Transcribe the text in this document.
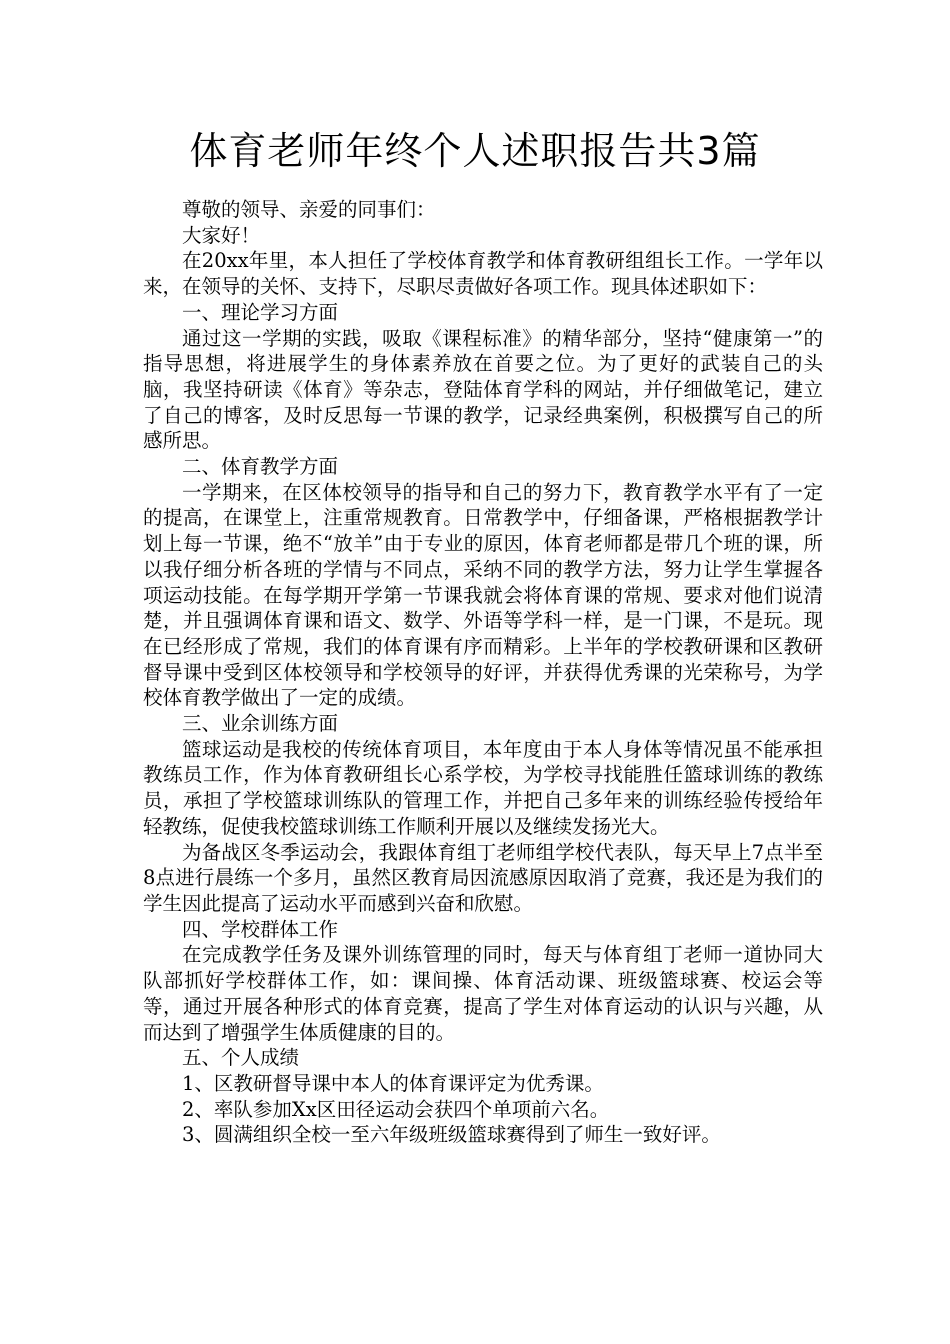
体育老师年终个人述职报告共3篇

尊敬的领导、亲爱的同事们：

大家好！

在20xx年里，本人担任了学校体育教学和体育教研组组长工作。一学年以来，在领导的关怀、支持下，尽职尽责做好各项工作。现具体述职如下：

一、理论学习方面

通过这一学期的实践，吸取《课程标准》的精华部分，坚持“健康第一”的指导思想，将进展学生的身体素养放在首要之位。为了更好的武装自己的头脑，我坚持研读《体育》等杂志，登陆体育学科的网站，并仔细做笔记，建立了自己的博客，及时反思每一节课的教学，记录经典案例，积极撰写自己的所感所思。

二、体育教学方面

一学期来，在区体校领导的指导和自己的努力下，教育教学水平有了一定的提高，在课堂上，注重常规教育。日常教学中，仔细备课，严格根据教学计划上每一节课，绝不“放羊”由于专业的原因，体育老师都是带几个班的课，所以我仔细分析各班的学情与不同点，采纳不同的教学方法，努力让学生掌握各项运动技能。在每学期开学第一节课我就会将体育课的常规、要求对他们说清楚，并且强调体育课和语文、数学、外语等学科一样，是一门课，不是玩。现在已经形成了常规，我们的体育课有序而精彩。上半年的学校教研课和区教研督导课中受到区体校领导和学校领导的好评，并获得优秀课的光荣称号，为学校体育教学做出了一定的成绩。

三、业余训练方面

篮球运动是我校的传统体育项目，本年度由于本人身体等情况虽不能承担教练员工作，作为体育教研组长心系学校，为学校寻找能胜任篮球训练的教练员，承担了学校篮球训练队的管理工作，并把自己多年来的训练经验传授给年轻教练，促使我校篮球训练工作顺利开展以及继续发扬光大。

为备战区冬季运动会，我跟体育组丁老师组学校代表队，每天早上7点半至8点进行晨练一个多月，虽然区教育局因流感原因取消了竞赛，我还是为我们的学生因此提高了运动水平而感到兴奋和欣慰。

四、学校群体工作

在完成教学任务及课外训练管理的同时，每天与体育组丁老师一道协同大队部抓好学校群体工作，如：课间操、体育活动课、班级篮球赛、校运会等等，通过开展各种形式的体育竞赛，提高了学生对体育运动的认识与兴趣，从而达到了增强学生体质健康的目的。

五、个人成绩

1、区教研督导课中本人的体育课评定为优秀课。

2、率队参加Xx区田径运动会获四个单项前六名。

3、圆满组织全校一至六年级班级篮球赛得到了师生一致好评。
